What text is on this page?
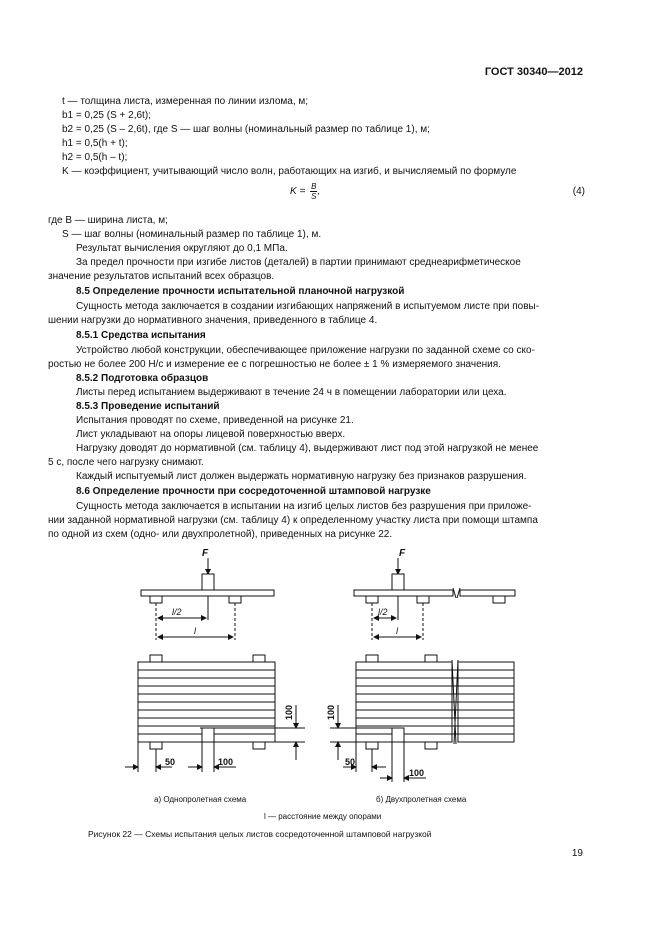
ГОСТ 30340—2012
t — толщина листа, измеренная по линии излома, м;
b1 = 0,25 (S + 2,6t);
b2 = 0,25 (S – 2,6t), где S — шаг волны (номинальный размер по таблице 1), м;
h1 = 0,5(h + t);
h2 = 0,5(h – t);
K — коэффициент, учитывающий число волн, работающих на изгиб, и вычисляемый по формуле
$K = \frac{B}{S}$ ,	(4)
где B — ширина листа, м;
S — шаг волны (номинальный размер по таблице 1), м.
Результат вычисления округляют до 0,1 МПа.
За предел прочности при изгибе листов (деталей) в партии принимают среднеарифметическое
значение результатов испытаний всех образцов.
8.5 Определение прочности испытательной планочной нагрузкой
Сущность метода заключается в создании изгибающих напряжений в испытуемом листе при повы-
шении нагрузки до нормативного значения, приведенного в таблице 4.
8.5.1 Средства испытания
Устройство любой конструкции, обеспечивающее приложение нагрузки по заданной схеме со ско-
ростью не более 200 Н/с и измерение ее с погрешностью не более ± 1 % измеряемого значения.
8.5.2 Подготовка образцов
Листы перед испытанием выдерживают в течение 24 ч в помещении лаборатории или цеха.
8.5.3 Проведение испытаний
Испытания проводят по схеме, приведенной на рисунке 21.
Лист укладывают на опоры лицевой поверхностью вверх.
Нагрузку доводят до нормативной (см. таблицу 4), выдерживают лист под этой нагрузкой не менее
5 с, после чего нагрузку снимают.
Каждый испытуемый лист должен выдержать нормативную нагрузку без признаков разрушения.
8.6 Определение прочности при сосредоточенной штамповой нагрузке
Сущность метода заключается в испытании на изгиб целых листов без разрушения при приложе-
нии заданной нормативной нагрузки (см. таблицу 4) к определенному участку листа при помощи штампа
по одной из схем (одно- или двухпролетной), приведенных на рисунке 22.
F
l/2
l
100
50	100
F
l/2
l
100
50
100
а) Однопролетная схема	б) Двухпролетная схема
l — расстояние между опорами
Рисунок 22 — Схемы испытания целых листов сосредоточенной штамповой нагрузкой
19
